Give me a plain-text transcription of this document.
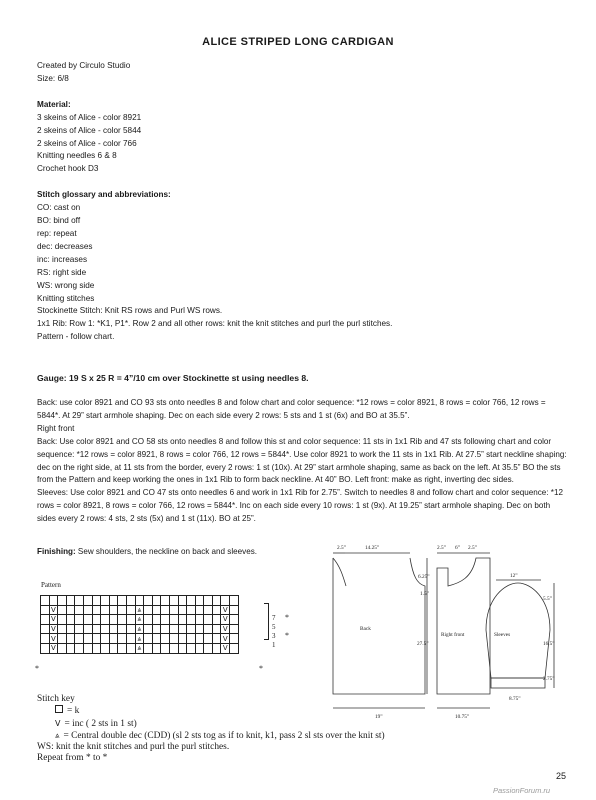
ALICE STRIPED LONG CARDIGAN

Created by Circulo Studio

Size: 6/8

Material:

3 skeins of Alice - color 8921

2 skeins of Alice - color 5844

2 skeins of Alice - color 766

Knitting needles 6 & 8

Crochet hook D3

Stitch glossary and abbreviations:

CO: cast on

BO: bind off

rep: repeat

dec: decreases

inc: increases

RS: right side

WS: wrong side

Knitting stitches

Stockinette Stitch: Knit RS rows and Purl WS rows.

1x1 Rib: Row 1: *K1, P1*. Row 2 and all other rows: knit the knit stitches and purl the purl stitches.

Pattern - follow chart.

Gauge: 19 S x 25 R = 4”/10 cm over Stockinette st using needles 8.

Back: use color 8921 and CO 93 sts onto needles 8 and folow chart and color sequence: *12 rows = color 8921, 8 rows = color 766, 12 rows = 5844*. At 29” start armhole shaping. Dec on each side every 2 rows: 5 sts and 1 st (6x) and BO at 35.5”.

Right front

Back: Use color 8921 and CO 58 sts onto needles 8 and follow this st and color sequence: 11 sts in 1x1 Rib and 47 sts following chart and color sequence: *12 rows = color 8921, 8 rows = color 766, 12 rows = 5844*. Use color 8921 to work the 11 sts in 1x1 Rib. At 27.5” start neckline shaping: dec on the right side, at 11 sts from the border, every 2 rows: 1 st (10x). At 29” start armhole shaping, same as back on the left. At 35.5” BO the sts from the Pattern and keep working the ones in 1x1 Rib to form back neckline. At 40” BO. Left front: make as right, inverting dec sides.

Sleeves: Use color 8921 and CO 47 sts onto needles 6 and work in 1x1 Rib for 2.75”. Switch to needles 8 and follow chart and color sequence: *12 rows = color 8921, 8 rows = color 766, 12 rows = 5844*. Inc on each side every 10 rows: 1 st (9x). At 19.25” start armhole shaping. Dec on both sides every 2 rows: 4 sts, 2 sts (5x) and 1 st (11x). BO at 25”.

Finishing: Sew shoulders, the neckline on back and sleeves.
Pattern

	V										⩓										V	
	V										⩓										V	
	V										⩓										V	
	V										⩓										V	
	V										⩓										V	
7
5
3
1
*
*
*	*
2.5”	14.25”
6.25”
1.5”
27.5”
Back
19”
2.5” 6” 2.5”
Right front
10.75”
12”
5.5”
16.5”
2.75”
Sleeves
8.75”

Stitch key

= k

V = inc ( 2 sts in 1 st)

⩓ = Central double dec (CDD) (sl 2 sts tog as if to knit, k1, pass 2 sl sts over the knit st)

WS: knit the knit stitches and purl the purl stitches.

Repeat from * to *

25
PassionForum.ru
